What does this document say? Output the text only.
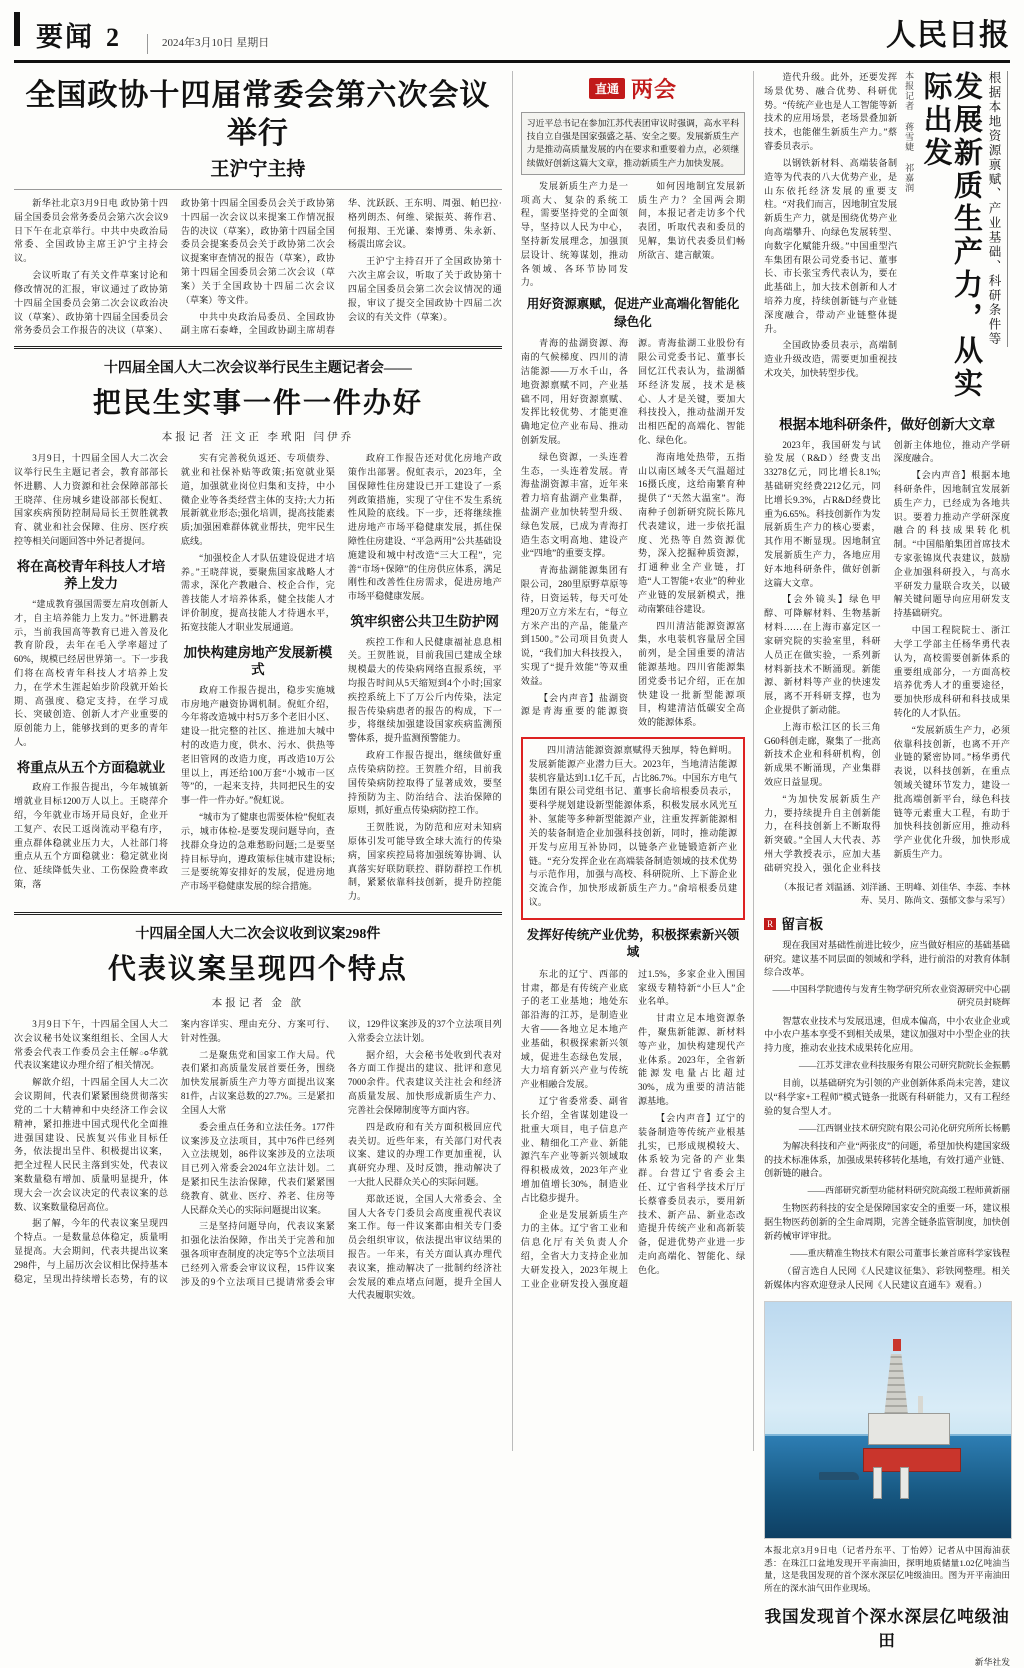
要闻 2	2024年3月10日 星期日	人民日报
全国政协十四届常委会第六次会议举行
王沪宁主持

新华社北京3月9日电 政协第十四届全国委员会常务委员会第六次会议9日下午在北京举行。中共中央政治局常委、全国政协主席王沪宁主持会议。

会议听取了有关文件草案讨论和修改情况的汇报，审议通过了政协第十四届全国委员会第二次会议政治决议（草案）、政协第十四届全国委员会常务委员会工作报告的决议（草案）、政协第十四届全国委员会关于政协第十四届一次会议以来提案工作情况报告的决议（草案），政协第十四届全国委员会提案委员会关于政协第二次会议提案审查情况的报告（草案），政协第十四届全国委员会第二次会议（草案）关于全国政协十四届二次会议（草案）等文件。

中共中央政治局委员、全国政协副主席石泰峰，全国政协副主席胡春华、沈跃跃、王东明、周强、帕巴拉·格列朗杰、何维、梁振英、蒋作君、何报翔、王光谦、秦博勇、朱永新、杨震出席会议。

王沪宁主持召开了全国政协第十六次主席会议，听取了关于政协第十四届全国委员会第二次会议情况的通报，审议了提交全国政协十四届二次会议的有关文件（草案）。

十四届全国人大二次会议举行民生主题记者会——
把民生实事一件一件办好
本报记者 汪文正 李玳阳 闫伊乔

3月9日，十四届全国人大二次会议举行民生主题记者会，教育部部长怀进鹏、人力资源和社会保障部部长王晓萍、住房城乡建设部部长倪虹、国家疾病预防控制局局长王贺胜就教育、就业和社会保障、住房、医疗疾控等相关问题回答中外记者提问。

将在高校青年科技人才培养上发力

“建成教育强国需要左肩攻创新人才，自主培养能力上发力。”怀进鹏表示，当前我国高等教育已进入普及化教育阶段，去年在毛入学率超过了60%，规模已经居世界第一。下一步我们将在高校青年科技人才培养上发力，在学术生涯起始步阶段就开始长期、高强度、稳定支持，在学习成长、突破创造、创新人才产业重要的原创能力上，能够找到的更多的青年人。

将重点从五个方面稳就业

政府工作报告提出，今年城镇新增就业目标1200万人以上。王晓萍介绍，今年就业市场开局良好，企业开工复产、农民工返岗流动平稳有序，重点群体稳就业压力大，人社部门将重点从五个方面稳就业：稳定就业岗位、延续降低失业、工伤保险费率政策，落

实有完善税负返还、专项债券、就业和社保补贴等政策;拓宽就业渠道，加强就业岗位归集和支持，中小微企业等各类经营主体的支持;大力拓展新就业形态;强化培训，提高技能素质;加强困难群体就业帮扶，兜牢民生底线。

“加强校企人才队伍建设促进才培养。”王晓萍说，要聚焦国家战略人才需求，深化产教融合、校企合作，完善技能人才培养体系，健全技能人才评价制度，提高技能人才待遇水平，拓宽技能人才职业发展通道。

加快构建房地产发展新模式

政府工作报告提出，稳步实施城市房地产融资协调机制。倪虹介绍，今年将改造城中村5万多个老旧小区、建设一批完整的社区、推进加大城中村的改造力度，供水、污水、供热等老旧管网的改造力度，再改造10万公里以上，再还给100万套“小城市一区等”的，一起来支持，共同把民生的安事一件一件办好。”倪虹说。

“城市为了健康也需要体检”倪虹表示，城市体检-是要发现问题导向，查找群众身边的急难愁盼问题;二是要坚持目标导向，遵政策标住城市建设标;三是要统筹安排好的发展，促进房地产市场平稳健康发展的综合措施。

政府工作报告还对优化房地产政策作出部署。倪虹表示，2023年，全国保障性住房建设已开工建设了一系列政策措施，实现了守住不发生系统性风险的底线。下一步，还将继续推进房地产市场平稳健康发展，抓住保障性住房建设、“平急两用”公共基础设施建设和城中村改造“三大工程”，完善“市场+保障”的住房供应体系，满足刚性和改善性住房需求，促进房地产市场平稳健康发展。

筑牢织密公共卫生防护网

疾控工作和人民健康福祉息息相关。王贺胜说，目前我国已建成全球规模最大的传染病网络直报系统，平均报告时间从5天缩短到4个小时;国家疾控系统上下了万公斤内传染，法定报告传染病患者的报告的构成，下一步，将继续加强建设国家疾病监测预警体系，提升监测预警能力。

政府工作报告提出，继续做好重点传染病防控。王贺胜介绍，目前我国传染病防控取得了显著成效，要坚持预防为主、防治结合、法治保障的原则，抓好重点传染病防控工作。

王贺胜说，为防范和应对未知病原体引发可能导致全球大流行的传染病，国家疾控局将加强统筹协调、认真落实好联防联控、群防群控工作机制，紧紧依靠科技创新，提升防控能力。

十四届全国人大二次会议收到议案298件
代表议案呈现四个特点
本报记者 金 歆

3月9日下午，十四届全国人大二次会议秘书处议案组组长、全国人大常委会代表工作委员会主任解ం华就代表议案建议办理介绍了相关情况。

解歆介绍，十四届全国人大二次会议期间，代表们紧紧围绕贯彻落实党的二十大精神和中央经济工作会议精神，紧扣推进中国式现代化全面推进强国建设、民族复兴伟业目标任务，依法提出呈件、积极提出议案，把全过程人民民主落到实处，代表议案数量稳有增加、质量明显提升，体现大会一次会议决定的代表议案的总数、议案数量稳居高位。

据了解，今年的代表议案呈现四个特点。一是数量总体稳定，质量明显提高。大会期间，代表共提出议案298件，与上届历次会议相比保持基本稳定，呈现出持续增长态势，有的议案内容详实、理由充分、方案可行、针对性强。

二是聚焦党和国家工作大局。代表们紧扣高质量发展首要任务，围绕加快发展新质生产力等方面提出议案81件，占议案总数的27.7%。三是紧扣全国人大常

委会重点任务和立法任务。177件议案涉及立法项目，其中76件已经列入立法规划，86件议案涉及的立法项目已列入常委会2024年立法计划。二是紧扣民生法治保障，代表们紧紧围绕教育、就业、医疗、养老、住房等人民群众关心的实际问题提出议案。

三是坚持问题导向，代表议案紧扣强化法治保障，作出关于完善和加强各项审查制度的决定等5个立法项目已经列入常委会审议议程，15件议案涉及的9个立法项目已提请常委会审议，129件议案涉及的37个立法项目列入常委会立法计划。

据介绍，大会秘书处收到代表对各方面工作提出的建议、批评和意见7000余件。代表建议关注社会和经济高质量发展、加快形成新质生产力、完善社会保障制度等方面内容。

四是政府和有关方面积极回应代表关切。近些年来，有关部门对代表议案、建议的办理工作更加重视，认真研究办理、及时反馈，推动解决了一大批人民群众关心的实际问题。

郑歆还说，全国人大常委会、全国人大各专门委员会高度重视代表议案工作。每一件议案都由相关专门委员会组织审议，依法提出审议结果的报告。一年来，有关方面认真办理代表议案，推动解决了一批制约经济社会发展的难点堵点问题，提升全国人大代表履职实效。

直通 两会
习近平总书记在参加江苏代表团审议时强调，高水平科技自立自强是国家强盛之基、安全之要。发展新质生产力是推动高质量发展的内在要求和重要着力点，必须继续做好创新这篇大文章，推动新质生产力加快发展。

发展新质生产力是一项高大、复杂的系统工程，需要坚持党的全面领导，坚持以人民为中心，坚持新发展理念，加强顶层设计、统筹谋划，推动各领域、各环节协同发力。

如何因地制宜发展新质生产力？全国两会期间，本报记者走访多个代表团，听取代表和委员的见解，集访代表委员们畅所欲言、建言献策。

用好资源禀赋，促进产业高端化智能化绿色化

青海的盐湖资源、海南的气候梯度、四川的清洁能源——万水千山，各地资源禀赋不同，产业基础不同，用好资源禀赋、发挥比较优势、才能更准确地定位产业布局、推动创新发展。

绿色资源，一头连着生态，一头连着发展。青海盐湖资源丰富，近年来着力培育盐湖产业集群，盐湖产业加快转型升级、绿色发展，已成为青海打造生态文明高地、建设产业“四地”的重要支撑。

青海盐湖能源集团有限公司，280里原野草原等待，日资运转，每天可处理20万立方米左右，“每立方米产出的产品，能量产到1500。”公司项目负责人说，“我们加大科技投入，实现了“提升效能”等双重效益。

【会内声音】盐湖资源是青海重要的能源资源。青海盐湖工业股份有限公司党委书记、董事长回忆江代表认为，盐湖循环经济发展，技术是核心、人才是关键，要加大科技投入，推动盐湖开发出相匹配的高端化、智能化、绿色化。

海南地处热带，五指山以南区域冬天气温超过16摄氏度，这给南繁育种提供了“天然大温室”。海南种子创新研究院长陈凡代表建议，进一步依托温度、光热等自然资源优势，深入挖掘种质资源，打通种业全产业链，打造“人工智能+农业”的种业产业链的发展新模式，推动南繁硅谷建设。

四川清洁能源资源富集，水电装机容量居全国前列，是全国重要的清洁能源基地。四川省能源集团党委书记介绍，正在加快建设一批新型能源项目，构建清洁低碳安全高效的能源体系。

四川清洁能源资源禀赋得天独厚，特色鲜明。发展新能源产业潜力巨大。2023年，当地清洁能源装机容量达到1.1亿千瓦，占比86.7%。中国东方电气集团有限公司党组书记、董事长俞培根委员表示，要科学规划建设新型能源体系，积极发展水风光互补、氢能等多种新型能源产业，注重发挥新能源相关的装备制造企业加强科技创新，同时，推动能源开发与应用互补协同，以链条产业链锻造新产业链。“充分发挥企业在高端装备制造领域的技术优势与示范作用，加强与高校、科研院所、上下游企业交流合作，加快形成新质生产力。”俞培根委员建议。

发挥好传统产业优势，积极探索新兴领域

东北的辽宁、西部的甘肃，都是有传统产业底子的老工业基地；地处东部沿海的江苏，是制造业大省——各地立足本地产业基础，积极探索新兴领域，促进生态绿色发展，大力培育新兴产业与传统产业相融合发展。

辽宁省委常委、副省长介绍，全省谋划建设一批重大项目，电子信息产业、精细化工产业、新能源汽车产业等新兴领域取得积极成效，2023年产业增加值增长30%，制造业占比稳步提升。

企业是发展新质生产力的主体。辽宁省工业和信息化厅有关负责人介绍，全省大力支持企业加大研发投入，2023年规上工业企业研发投入强度超过1.5%，多家企业入围国家级专精特新“小巨人”企业名单。

甘肃立足本地资源条件，聚焦新能源、新材料等产业，加快构建现代产业体系。2023年，全省新能源发电量占比超过30%，成为重要的清洁能源基地。

【会内声音】辽宁的装备制造等传统产业根基扎实，已形成规模较大、体系较为完备的产业集群。台营辽宁省委会主任、辽宁省科学技术厅厅长蔡睿委员表示，要用新技术、新产品、新业态改造提升传统产业和高新装备，促进优势产业进一步走向高端化、智能化、绿色化。

造代升级。此外，还要发挥场景优势、融合优势、科研优势。“传统产业也是人工智能等新技术的应用场景，老场景叠加新技术，也能催生新质生产力。”蔡睿委员表示。

以钢铁新材料、高端装备制造等为代表的八大优势产业，是山东依托经济发展的重要支柱。“对我们而言，因地制宜发展新质生产力，就是围绕优势产业向高端攀升、向绿色发展转型、向数字化赋能升级。”中国重型汽车集团有限公司党委书记、董事长、市长张宝秀代表认为，要在此基础上，加大技术创新和人才培养力度，持续创新链与产业链深度融合，带动产业链整体提升。

全国政协委员表示，高端制造业升级改造，需要更加重视技术攻关，加快转型步伐。

本报记者 蒋雪婕 祁嘉润	发展新质生产力，从实际出发	根据本地资源禀赋、产业基础、科研条件等
根据本地科研条件，做好创新大文章

2023年，我国研发与试验发展（R&D）经费支出33278亿元，同比增长8.1%;基础研究经费2212亿元，同比增长9.3%，占R&D经费比重为6.65%。科技创新作为发展新质生产力的核心要素，其作用不断显现。因地制宜发展新质生产力，各地应用好本地科研条件，做好创新这篇大文章。

【会外镜头】绿色甲醇、可降解材料、生物基新材料……在上海市嘉定区一家研究院的实验室里，科研人员正在做实验，一系列新材料新技术不断涌现。新能源、新材料等产业的快速发展，离不开科研支撑，也为企业提供了新动能。

上海市松江区的长三角G60科创走廊，聚集了一批高新技术企业和科研机构，创新成果不断涌现，产业集群效应日益显现。

“为加快发展新质生产力，要持续提升自主创新能力，在科技创新上不断取得新突破。”全国人大代表、苏州大学教授表示，应加大基础研究投入，强化企业科技创新主体地位，推动产学研深度融合。

【会内声音】根据本地科研条件，因地制宜发展新质生产力，已经成为各地共识。要着力推动产学研深度融合的科技成果转化机制。“中国船舶集团首席技术专家张锦岚代表建议，鼓励企业加强科研投入，与高水平研发力量联合攻关，以破解关键问题导向应用研发支持基础研究。

中国工程院院士、浙江大学工学部主任杨华勇代表认为，高校需要创新体系的重要组成部分，一方面高校培养优秀人才的重要途径，要加快形成科研和科技成果转化的人才队伍。

“发展新质生产力，必须依靠科技创新，也离不开产业链的紧密协同。”杨华勇代表说，以科技创新，在重点领域关键环节发力，建设一批高端创新平台，绿色科技链等元素重大工程，有助于加快科技创新应用，推动科学产业优化升级，加快形成新质生产力。

（本报记者 刘温涵、刘洋涵、王明峰、刘佳华、李蕊、李林寿、吴月、陈尚文、强郁文参与采写）
R 留言板

现在我国对基础性前进比较少，应当做好相应的基础基础研究。建议基不同层面的领域和学科，进行前沿的对教育体制综合改革。

——中国科学院遗传与发育生物学研究所农业资源研究中心副研究员封晓辉

智慧农业技术与发展迅速，但成本偏高，中小农业企业或中小农户基本享受不到相关成果，建议加强对中小型企业的扶持力度，推动农业技术成果转化应用。

——江苏艾津农业科技服务有限公司研究院院长金振鹏

目前，以基础研究为引领的产业创新体系尚未完善，建议以“科学家+工程师”模式链条一批既有科研能力，又有工程经验的复合型人才。

——江西钢业技术研究院有限公司沁化研究所所长杨鹏

为解决科技和产业“两张皮”的问题，希望加快构建国家级的技术标准体系，加强成果转移转化基地，有效打通产业链、创新链的融合。

——西部研究新型功能材料研究院高级工程师黄新丽

生物医药科技的安全是保障国家安全的重要一环，建议根据生物医药创新的全生命周期，完善全链条监管制度，加快创新药械审评审批。

——重庆精准生物技术有限公司董事长兼首席科学家钱程

（留言选自人民网《人民建议征集》、彩铁网整理。相关新媒体内容欢迎登录人民网《人民建议直通车》观看。）

本报北京3月9日电（记者丹东平、丁怡婷）记者从中国海油获悉：在珠江口盆地发现开平南油田，探明地质储量1.02亿吨油当量，这是我国发现的首个深水深层亿吨级油田。图为开平南油田所在的深水油气田作业现场。
我国发现首个深水深层亿吨级油田
新华社发
